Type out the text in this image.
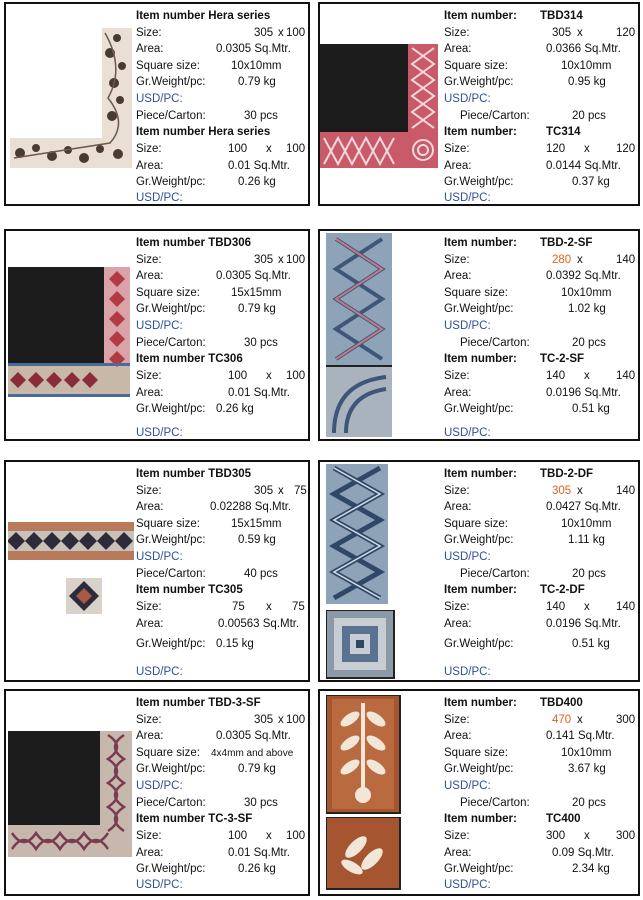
Item number Hera series
Size:	305 x 100
Area:	0.0305 Sq.Mtr.
Square size:	10x10mm
Gr.Weight/pc:	0.79 kg
USD/PC:
Piece/Carton:	30 pcs
Item number Hera series
Size:	100 x 100
Area:	0.01 Sq.Mtr.
Gr.Weight/pc:	0.26 kg
USD/PC:
Item number: TBD314
Size:	305 x	120
Area:	0.0366 Sq.Mtr.
Square size:	10x10mm
Gr.Weight/pc:	0.95 kg
USD/PC:
Piece/Carton:	20 pcs
Item number:	TC314
Size:	120 x 120
Area:	0.0144 Sq.Mtr.
Gr.Weight/pc:	0.37 kg
USD/PC:
Item number TBD306
Size:	305 x 100
Area:	0.0305 Sq.Mtr.
Square size:	15x15mm
Gr.Weight/pc:	0.79 kg
USD/PC:
Piece/Carton:	30 pcs
Item number TC306
Size:	100 x 100
Area:	0.01 Sq.Mtr.
Gr.Weight/pc: 0.26 kg
USD/PC:
Item number: TBD-2-SF
Size:	280 x	140
Area:	0.0392 Sq.Mtr.
Square size:	10x10mm
Gr.Weight/pc:	1.02 kg
USD/PC:
Piece/Carton:	20 pcs
Item number: TC-2-SF
Size:	140 x 140
Area:	0.0196 Sq.Mtr.
Gr.Weight/pc:	0.51 kg
USD/PC:
Item number TBD305
Size:	305 x 75
Area:	0.02288 Sq.Mtr.
Square size:	15x15mm
Gr.Weight/pc:	0.59 kg
USD/PC:
Piece/Carton:	40 pcs
Item number TC305
Size:	75 x 75
Area:	0.00563 Sq.Mtr.
Gr.Weight/pc: 0.15 kg
USD/PC:
Item number: TBD-2-DF
Size:	305 x	140
Area:	0.0427 Sq.Mtr.
Square size:	10x10mm
Gr.Weight/pc:	1.11 kg
USD/PC:
Piece/Carton:	20 pcs
Item number: TC-2-DF
Size:	140 x 140
Area:	0.0196 Sq.Mtr.
Gr.Weight/pc:	0.51 kg
USD/PC:
Item number TBD-3-SF
Size:	305 x 100
Area:	0.0305 Sq.Mtr.
Square size: 4x4mm and above
Gr.Weight/pc:	0.79 kg
USD/PC:
Piece/Carton:	30 pcs
Item number TC-3-SF
Size:	100 x 100
Area:	0.01 Sq.Mtr.
Gr.Weight/pc:	0.26 kg
USD/PC:
Item number: TBD400
Size:	470 x	300
Area:	0.141 Sq.Mtr.
Square size:	10x10mm
Gr.Weight/pc:	3.67 kg
USD/PC:
Piece/Carton:	20 pcs
Item number:	TC400
Size:	300 x 300
Area:	0.09 Sq.Mtr.
Gr.Weight/pc:	2.34 kg
USD/PC:
